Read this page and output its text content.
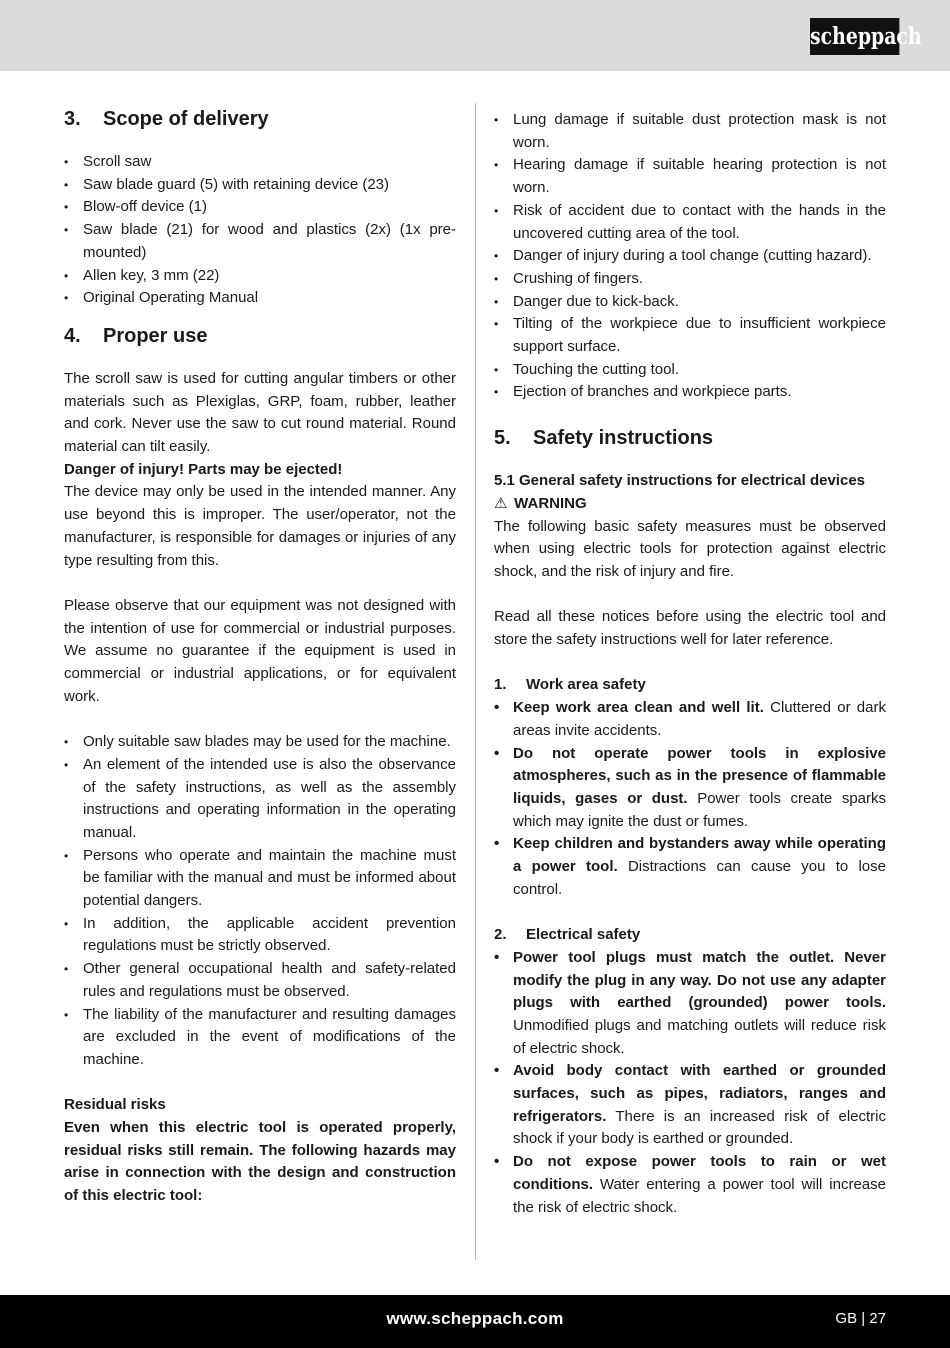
scheppach
3. Scope of delivery
• Scroll saw
• Saw blade guard (5) with retaining device (23)
• Blow-off device (1)
• Saw blade (21) for wood and plastics (2x) (1x pre-mounted)
• Allen key, 3 mm (22)
• Original Operating Manual
4. Proper use

The scroll saw is used for cutting angular timbers or other materials such as Plexiglas, GRP, foam, rubber, leather and cork. Never use the saw to cut round material. Round material can tilt easily.

Danger of injury! Parts may be ejected!

The device may only be used in the intended manner. Any use beyond this is improper. The user/operator, not the manufacturer, is responsible for damages or injuries of any type resulting from this.

Please observe that our equipment was not designed with the intention of use for commercial or industrial purposes. We assume no guarantee if the equipment is used in commercial or industrial applications, or for equivalent work.

• Only suitable saw blades may be used for the machine.
• An element of the intended use is also the observance of the safety instructions, as well as the assembly instructions and operating information in the operating manual.
• Persons who operate and maintain the machine must be familiar with the manual and must be informed about potential dangers.
• In addition, the applicable accident prevention regulations must be strictly observed.
• Other general occupational health and safety-related rules and regulations must be observed.
• The liability of the manufacturer and resulting damages are excluded in the event of modifications of the machine.

Residual risks

Even when this electric tool is operated properly, residual risks still remain. The following hazards may arise in connection with the design and construction of this electric tool:

• Lung damage if suitable dust protection mask is not worn.
• Hearing damage if suitable hearing protection is not worn.
• Risk of accident due to contact with the hands in the uncovered cutting area of the tool.
• Danger of injury during a tool change (cutting hazard).
• Crushing of fingers.
• Danger due to kick-back.
• Tilting of the workpiece due to insufficient workpiece support surface.
• Touching the cutting tool.
• Ejection of branches and workpiece parts.
5. Safety instructions

5.1 General safety instructions for electrical devices

⚠ WARNING

The following basic safety measures must be observed when using electric tools for protection against electric shock, and the risk of injury and fire.

Read all these notices before using the electric tool and store the safety instructions well for later reference.

1. Work area safety

• Keep work area clean and well lit. Cluttered or dark areas invite accidents.
• Do not operate power tools in explosive atmospheres, such as in the presence of flammable liquids, gases or dust. Power tools create sparks which may ignite the dust or fumes.
• Keep children and bystanders away while operating a power tool. Distractions can cause you to lose control.

2. Electrical safety

• Power tool plugs must match the outlet. Never modify the plug in any way. Do not use any adapter plugs with earthed (grounded) power tools. Unmodified plugs and matching outlets will reduce risk of electric shock.
• Avoid body contact with earthed or grounded surfaces, such as pipes, radiators, ranges and refrigerators. There is an increased risk of electric shock if your body is earthed or grounded.
• Do not expose power tools to rain or wet conditions. Water entering a power tool will increase the risk of electric shock.
www.scheppach.com	GB | 27
